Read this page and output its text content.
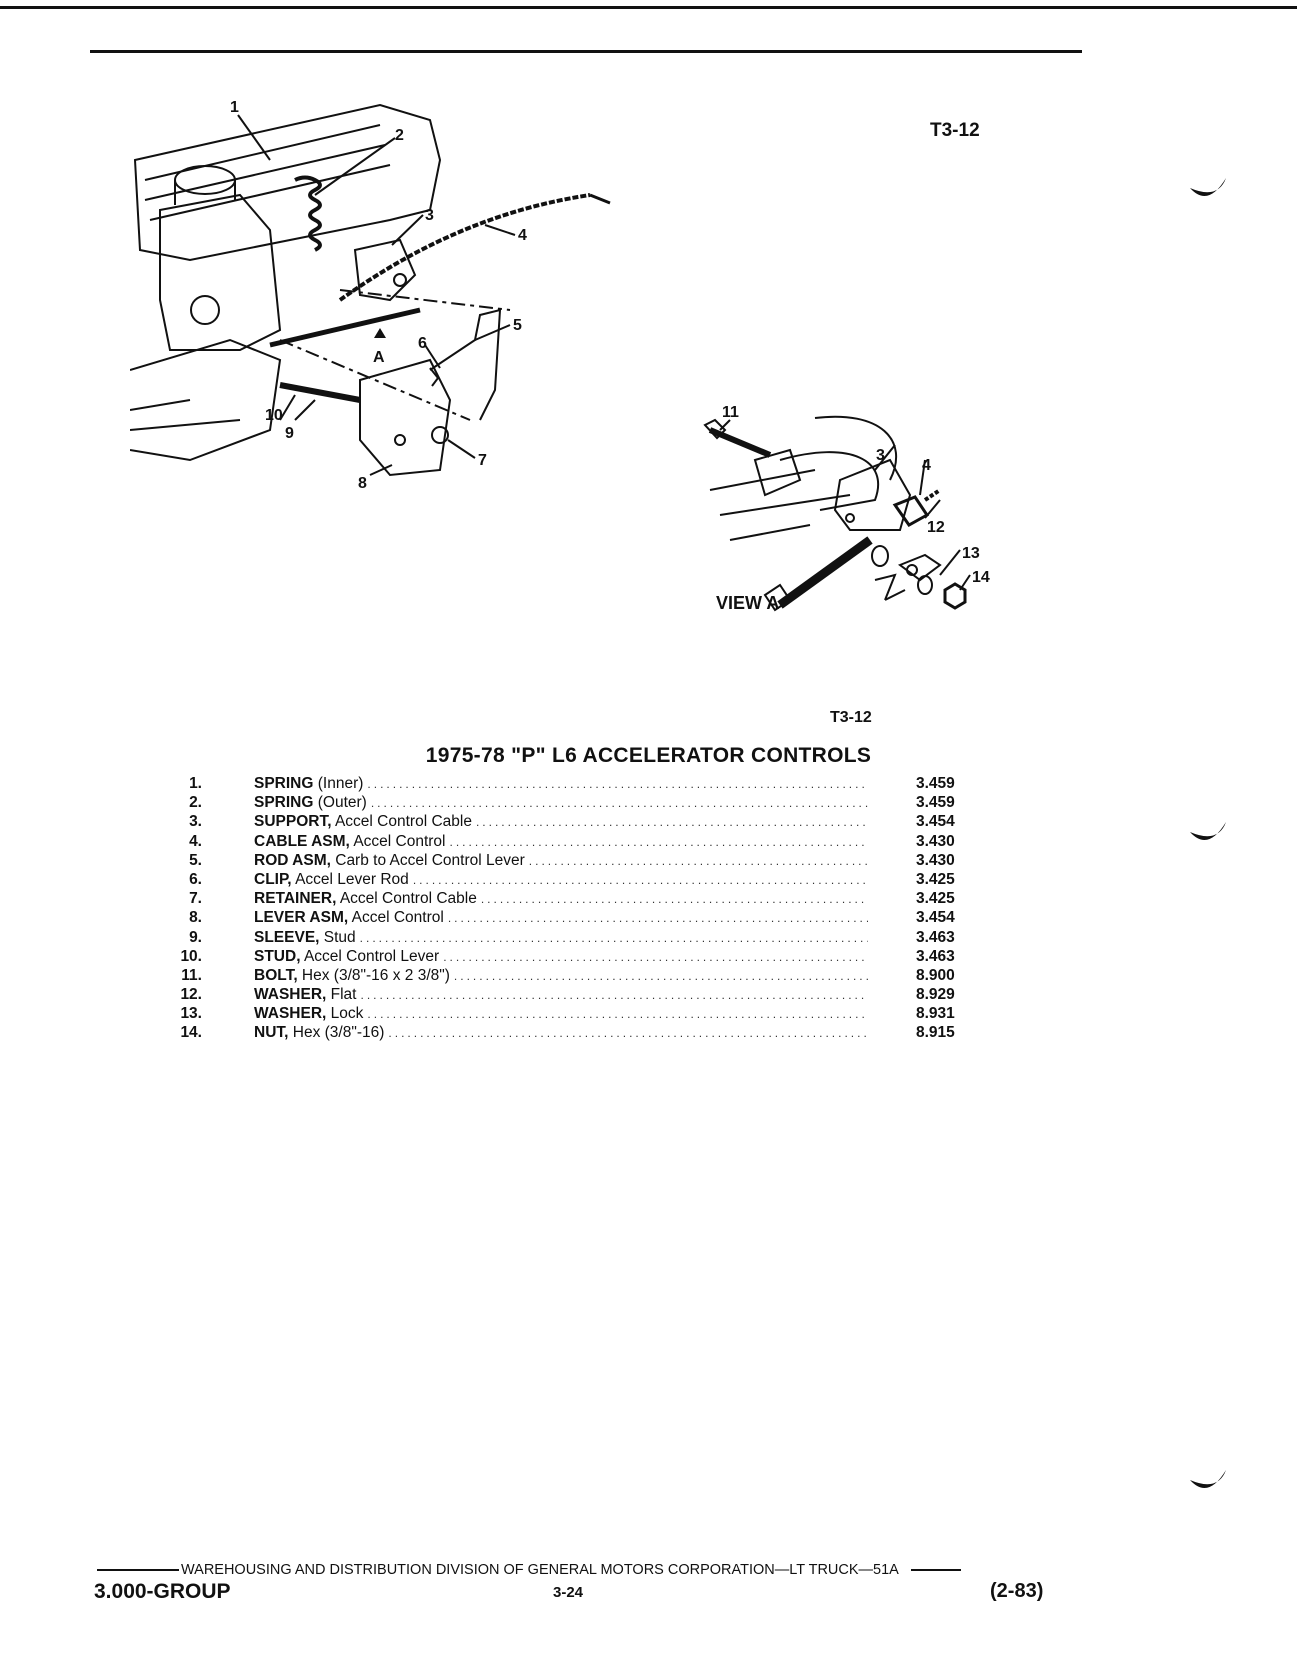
T3-12
1
2
3
4
5
6
7
8
9
10
A
11
3
4
12
13
14
VIEW A
T3-12
1975-78 "P" L6 ACCELERATOR CONTROLS
1.	SPRING (Inner) .....	3.459
2.	SPRING (Outer) .....	3.459
3.	SUPPORT, Accel Control Cable .....	3.454
4.	CABLE ASM, Accel Control .....	3.430
5.	ROD ASM, Carb to Accel Control Lever .....	3.430
6.	CLIP, Accel Lever Rod .....	3.425
7.	RETAINER, Accel Control Cable .....	3.425
8.	LEVER ASM, Accel Control .....	3.454
9.	SLEEVE, Stud .....	3.463
10.	STUD, Accel Control Lever .....	3.463
11.	BOLT, Hex (3/8"-16 x 2 3/8") .....	8.900
12.	WASHER, Flat .....	8.929
13.	WASHER, Lock .....	8.931
14.	NUT, Hex (3/8"-16) .....	8.915
WAREHOUSING AND DISTRIBUTION DIVISION OF GENERAL MOTORS CORPORATION—LT TRUCK—51A
3.000-GROUP	3-24	(2-83)
